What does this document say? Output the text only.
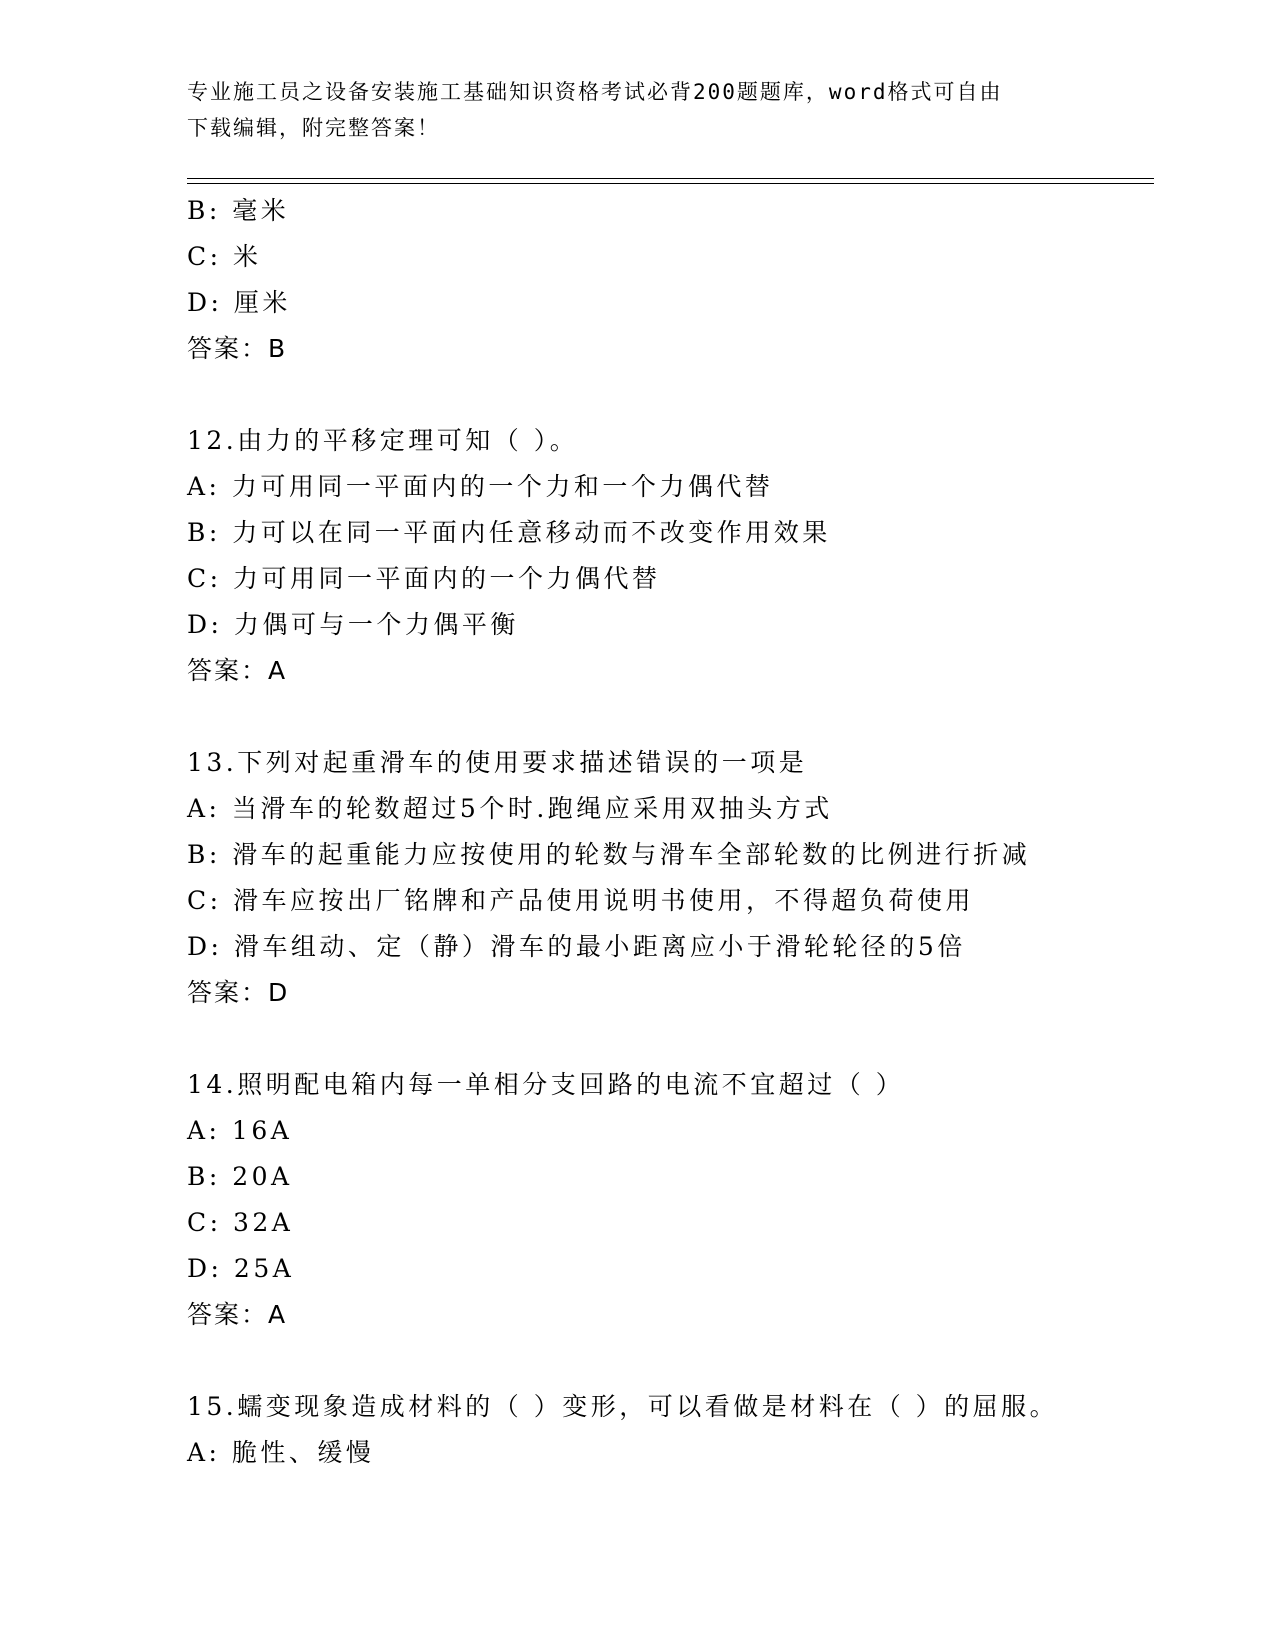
专业施工员之设备安装施工基础知识资格考试必背200题题库，word格式可自由
下载编辑，附完整答案！
B: 毫米
C: 米
D: 厘米
答案：B
12.由力的平移定理可知（ ）。
A: 力可用同一平面内的一个力和一个力偶代替
B: 力可以在同一平面内任意移动而不改变作用效果
C: 力可用同一平面内的一个力偶代替
D: 力偶可与一个力偶平衡
答案：A
13.下列对起重滑车的使用要求描述错误的一项是
A: 当滑车的轮数超过5个时.跑绳应采用双抽头方式
B: 滑车的起重能力应按使用的轮数与滑车全部轮数的比例进行折减
C: 滑车应按出厂铭牌和产品使用说明书使用，不得超负荷使用
D: 滑车组动、定（静）滑车的最小距离应小于滑轮轮径的5倍
答案：D
14.照明配电箱内每一单相分支回路的电流不宜超过（ ）
A: 16A
B: 20A
C: 32A
D: 25A
答案：A
15.蠕变现象造成材料的（ ）变形，可以看做是材料在（ ）的屈服。
A: 脆性、缓慢
